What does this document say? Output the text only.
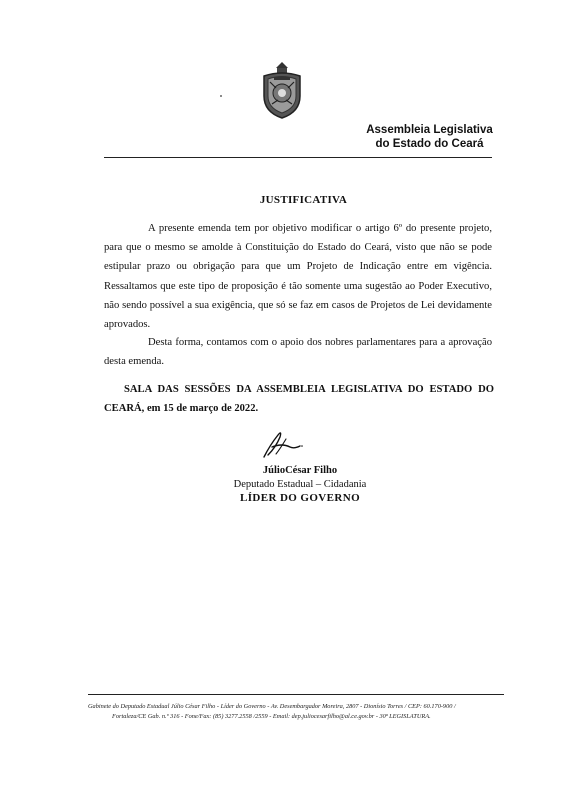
Assembleia Legislativa
do Estado do Ceará
JUSTIFICATIVA
A presente emenda tem por objetivo modificar o artigo 6º do presente projeto, para que o mesmo se amolde à Constituição do Estado do Ceará, visto que não se pode estipular prazo ou obrigação para que um Projeto de Indicação entre em vigência. Ressaltamos que este tipo de proposição é tão somente uma sugestão ao Poder Executivo, não sendo possível a sua exigência, que só se faz em casos de Projetos de Lei devidamente aprovados.
Desta forma, contamos com o apoio dos nobres parlamentares para a aprovação desta emenda.
SALA DAS SESSÕES DA ASSEMBLEIA LEGISLATIVA DO ESTADO DO CEARÁ, em 15 de março de 2022.
JúlioCésar Filho
Deputado Estadual – Cidadania
LÍDER DO GOVERNO
Gabinete do Deputado Estadual Júlio César Filho - Líder do Governo - Av. Desembargador Moreira, 2807 - Dionísio Torres / CEP: 60.170-900 /
Fortaleza/CE Gab. n.º 316 - Fone/Fax: (85) 3277.2558 /2559 - Email: dep.juliocesarfilho@al.ce.gov.br - 30ª LEGISLATURA.
